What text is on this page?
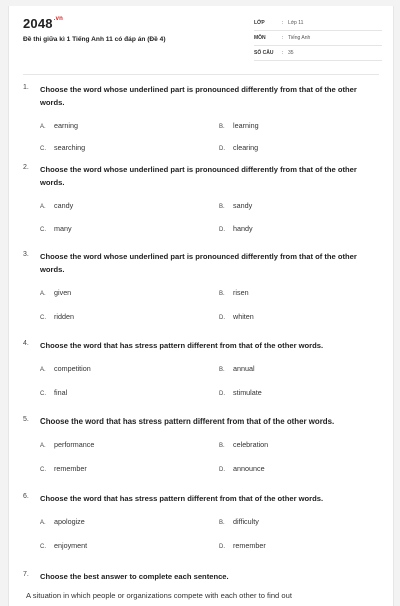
$2048^{.vn}$
Đề thi giữa kì 1 Tiếng Anh 11 có đáp án (Đề 4)
LỚP	: Lớp 11
MÔN	: Tiếng Anh
SỐ CÂU	: 35
1. Choose the word whose underlined part is pronounced differently from that of the other words.
A. earning	B. learning
C. searching	D. clearing
2. Choose the word whose underlined part is pronounced differently from that of the other words.
A. candy	B. sandy
C. many	D. handy
3. Choose the word whose underlined part is pronounced differently from that of the other words.
A. given	B. risen
C. ridden	D. whiten
4. Choose the word that has stress pattern different from that of the other words.
A. competition	B. annual
C. final	D. stimulate
5. Choose the word that has stress pattern different from that of the other words.
A. performance	B. celebration
C. remember	D. announce
6. Choose the word that has stress pattern different from that of the other words.
A. apologize	B. difficulty
C. enjoyment	D. remember
7. Choose the best answer to complete each sentence.
A situation in which people or organizations compete with each other to find out
